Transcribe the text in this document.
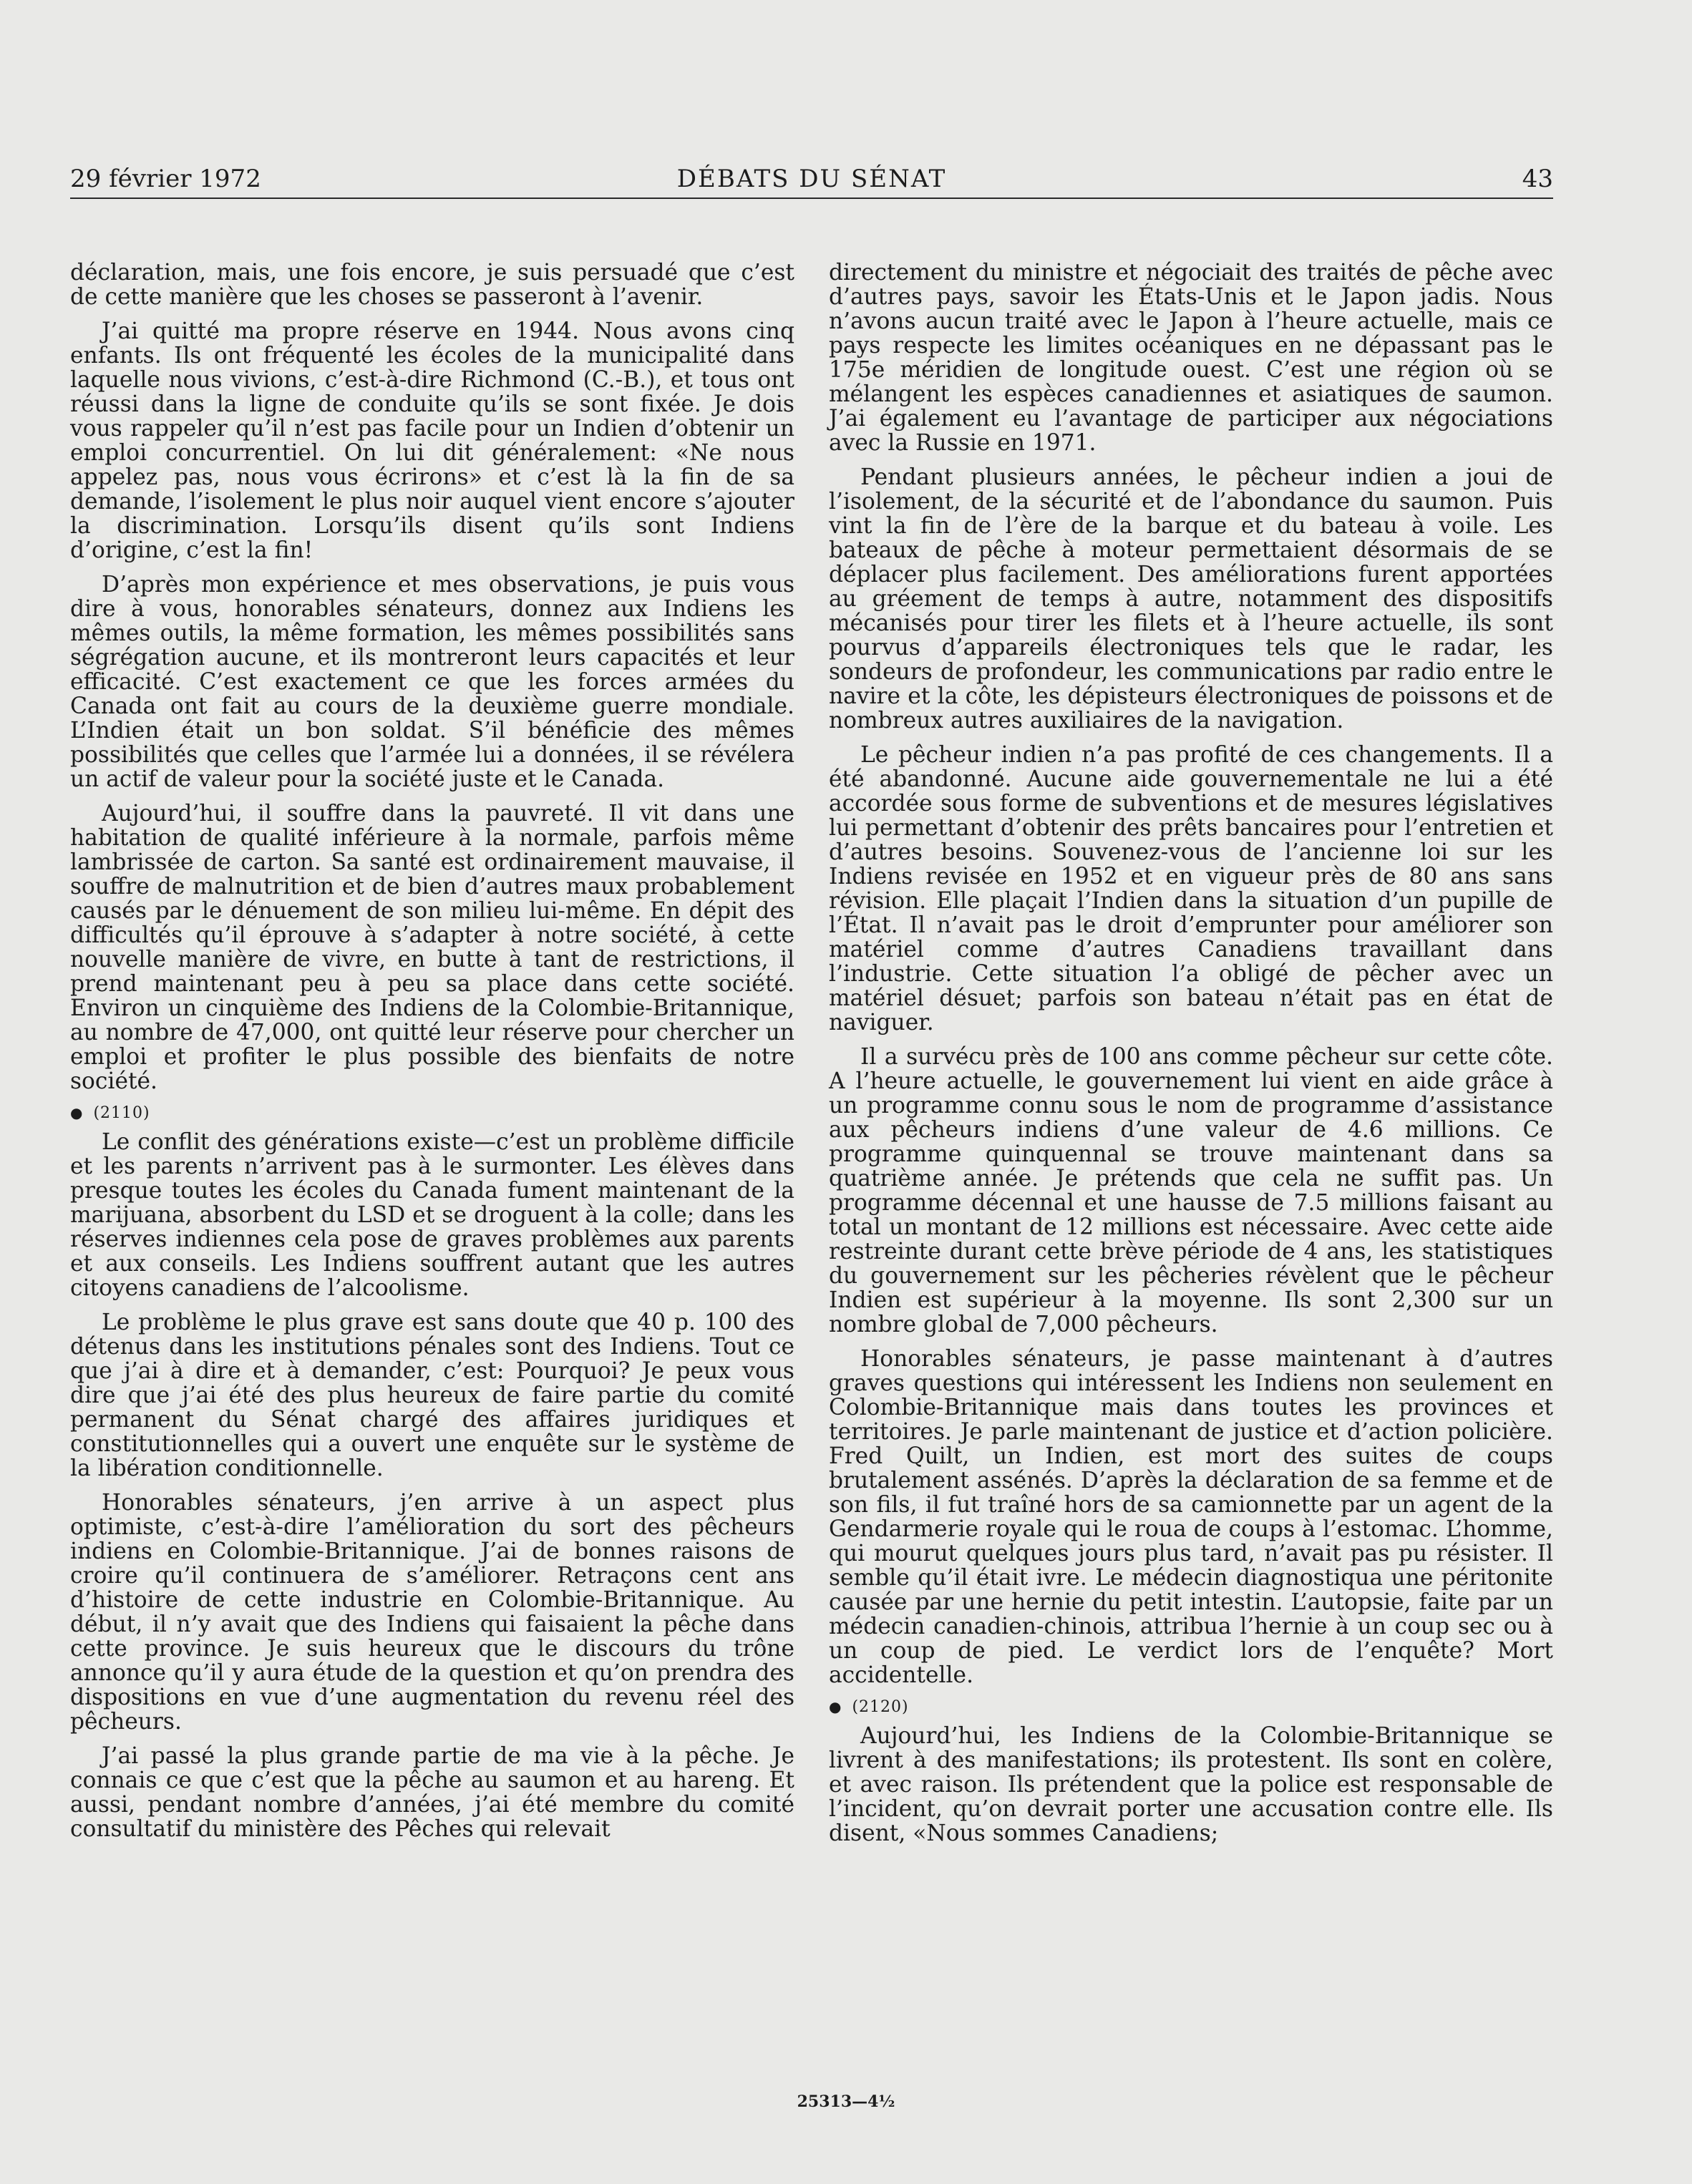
29 février 1972	DÉBATS DU SÉNAT	43

déclaration, mais, une fois encore, je suis persuadé que c’est de cette manière que les choses se passeront à l’avenir.

J’ai quitté ma propre réserve en 1944. Nous avons cinq enfants. Ils ont fréquenté les écoles de la municipalité dans laquelle nous vivions, c’est-à-dire Richmond (C.-B.), et tous ont réussi dans la ligne de conduite qu’ils se sont fixée. Je dois vous rappeler qu’il n’est pas facile pour un Indien d’obtenir un emploi concurrentiel. On lui dit généralement: «Ne nous appelez pas, nous vous écrirons» et c’est là la fin de sa demande, l’isolement le plus noir auquel vient encore s’ajouter la discrimination. Lorsqu’ils disent qu’ils sont Indiens d’origine, c’est la fin!

D’après mon expérience et mes observations, je puis vous dire à vous, honorables sénateurs, donnez aux Indiens les mêmes outils, la même formation, les mêmes possibilités sans ségrégation aucune, et ils montreront leurs capacités et leur efficacité. C’est exactement ce que les forces armées du Canada ont fait au cours de la deuxième guerre mondiale. L’Indien était un bon soldat. S’il bénéficie des mêmes possibilités que celles que l’armée lui a données, il se révélera un actif de valeur pour la société juste et le Canada.

Aujourd’hui, il souffre dans la pauvreté. Il vit dans une habitation de qualité inférieure à la normale, parfois même lambrissée de carton. Sa santé est ordinairement mauvaise, il souffre de malnutrition et de bien d’autres maux probablement causés par le dénuement de son milieu lui-même. En dépit des difficultés qu’il éprouve à s’adapter à notre société, à cette nouvelle manière de vivre, en butte à tant de restrictions, il prend maintenant peu à peu sa place dans cette société. Environ un cinquième des Indiens de la Colombie-Britannique, au nombre de 47,000, ont quitté leur réserve pour chercher un emploi et profiter le plus possible des bienfaits de notre société.

● (2110)

Le conflit des générations existe—c’est un problème difficile et les parents n’arrivent pas à le surmonter. Les élèves dans presque toutes les écoles du Canada fument maintenant de la marijuana, absorbent du LSD et se droguent à la colle; dans les réserves indiennes cela pose de graves problèmes aux parents et aux conseils. Les Indiens souffrent autant que les autres citoyens canadiens de l’alcoolisme.

Le problème le plus grave est sans doute que 40 p. 100 des détenus dans les institutions pénales sont des Indiens. Tout ce que j’ai à dire et à demander, c’est: Pourquoi? Je peux vous dire que j’ai été des plus heureux de faire partie du comité permanent du Sénat chargé des affaires juridiques et constitutionnelles qui a ouvert une enquête sur le système de la libération conditionnelle.

Honorables sénateurs, j’en arrive à un aspect plus optimiste, c’est-à-dire l’amélioration du sort des pêcheurs indiens en Colombie-Britannique. J’ai de bonnes raisons de croire qu’il continuera de s’améliorer. Retraçons cent ans d’histoire de cette industrie en Colombie-Britannique. Au début, il n’y avait que des Indiens qui faisaient la pêche dans cette province. Je suis heureux que le discours du trône annonce qu’il y aura étude de la question et qu’on prendra des dispositions en vue d’une augmentation du revenu réel des pêcheurs.

J’ai passé la plus grande partie de ma vie à la pêche. Je connais ce que c’est que la pêche au saumon et au hareng. Et aussi, pendant nombre d’années, j’ai été membre du comité consultatif du ministère des Pêches qui relevait

directement du ministre et négociait des traités de pêche avec d’autres pays, savoir les États-Unis et le Japon jadis. Nous n’avons aucun traité avec le Japon à l’heure actuelle, mais ce pays respecte les limites océaniques en ne dépassant pas le 175e méridien de longitude ouest. C’est une région où se mélangent les espèces canadiennes et asiatiques de saumon. J’ai également eu l’avantage de participer aux négociations avec la Russie en 1971.

Pendant plusieurs années, le pêcheur indien a joui de l’isolement, de la sécurité et de l’abondance du saumon. Puis vint la fin de l’ère de la barque et du bateau à voile. Les bateaux de pêche à moteur permettaient désormais de se déplacer plus facilement. Des améliorations furent apportées au gréement de temps à autre, notamment des dispositifs mécanisés pour tirer les filets et à l’heure actuelle, ils sont pourvus d’appareils électroniques tels que le radar, les sondeurs de profondeur, les communications par radio entre le navire et la côte, les dépisteurs électroniques de poissons et de nombreux autres auxiliaires de la navigation.

Le pêcheur indien n’a pas profité de ces changements. Il a été abandonné. Aucune aide gouvernementale ne lui a été accordée sous forme de subventions et de mesures législatives lui permettant d’obtenir des prêts bancaires pour l’entretien et d’autres besoins. Souvenez-vous de l’ancienne loi sur les Indiens revisée en 1952 et en vigueur près de 80 ans sans révision. Elle plaçait l’Indien dans la situation d’un pupille de l’État. Il n’avait pas le droit d’emprunter pour améliorer son matériel comme d’autres Canadiens travaillant dans l’industrie. Cette situation l’a obligé de pêcher avec un matériel désuet; parfois son bateau n’était pas en état de naviguer.

Il a survécu près de 100 ans comme pêcheur sur cette côte. A l’heure actuelle, le gouvernement lui vient en aide grâce à un programme connu sous le nom de programme d’assistance aux pêcheurs indiens d’une valeur de 4.6 millions. Ce programme quinquennal se trouve maintenant dans sa quatrième année. Je prétends que cela ne suffit pas. Un programme décennal et une hausse de 7.5 millions faisant au total un montant de 12 millions est nécessaire. Avec cette aide restreinte durant cette brève période de 4 ans, les statistiques du gouvernement sur les pêcheries révèlent que le pêcheur Indien est supérieur à la moyenne. Ils sont 2,300 sur un nombre global de 7,000 pêcheurs.

Honorables sénateurs, je passe maintenant à d’autres graves questions qui intéressent les Indiens non seulement en Colombie-Britannique mais dans toutes les provinces et territoires. Je parle maintenant de justice et d’action policière. Fred Quilt, un Indien, est mort des suites de coups brutalement assénés. D’après la déclaration de sa femme et de son fils, il fut traîné hors de sa camionnette par un agent de la Gendarmerie royale qui le roua de coups à l’estomac. L’homme, qui mourut quelques jours plus tard, n’avait pas pu résister. Il semble qu’il était ivre. Le médecin diagnostiqua une péritonite causée par une hernie du petit intestin. L’autopsie, faite par un médecin canadien-chinois, attribua l’hernie à un coup sec ou à un coup de pied. Le verdict lors de l’enquête? Mort accidentelle.

● (2120)

Aujourd’hui, les Indiens de la Colombie-Britannique se livrent à des manifestations; ils protestent. Ils sont en colère, et avec raison. Ils prétendent que la police est responsable de l’incident, qu’on devrait porter une accusation contre elle. Ils disent, «Nous sommes Canadiens;

25313—4½
